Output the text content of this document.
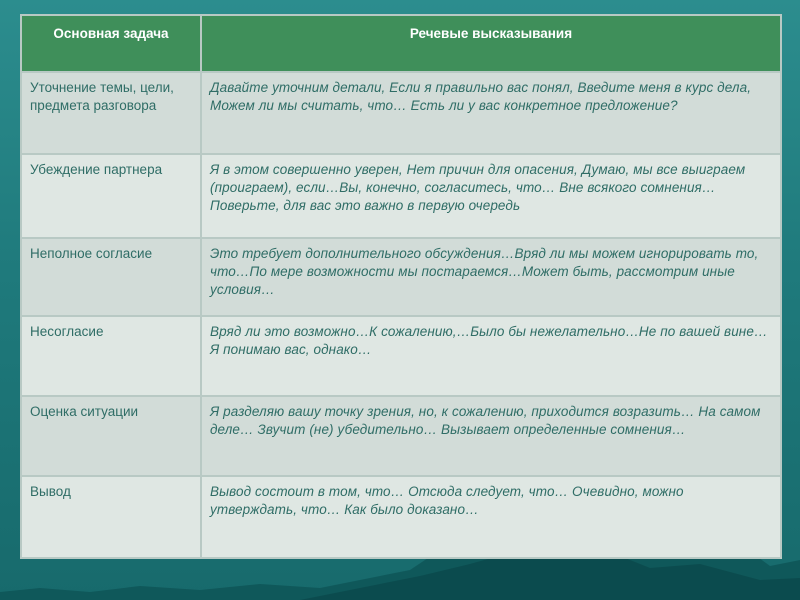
Основная задача	Речевые высказывания
Уточнение темы, цели, предмета разговора	Давайте уточним детали, Если я правильно вас понял, Введите меня в курс дела, Можем ли мы считать, что… Есть ли у вас конкретное предложение?
Убеждение партнера	Я в этом совершенно уверен, Нет причин для опасения, Думаю, мы все выиграем (проиграем), если…Вы, конечно, согласитесь, что… Вне всякого сомнения… Поверьте, для вас это важно в первую очередь
Неполное согласие	Это требует дополнительного обсуждения…Вряд ли мы можем игнорировать то, что…По мере возможности мы постараемся…Может быть, рассмотрим иные условия…
Несогласие	Вряд ли это возможно…К сожалению,…Было бы нежелательно…Не по вашей вине…Я понимаю вас, однако…
Оценка ситуации	Я разделяю вашу точку зрения, но, к сожалению, приходится возразить… На самом деле… Звучит (не) убедительно… Вызывает определенные сомнения…
Вывод	Вывод состоит в том, что… Отсюда следует, что… Очевидно, можно утверждать, что… Как было доказано…
